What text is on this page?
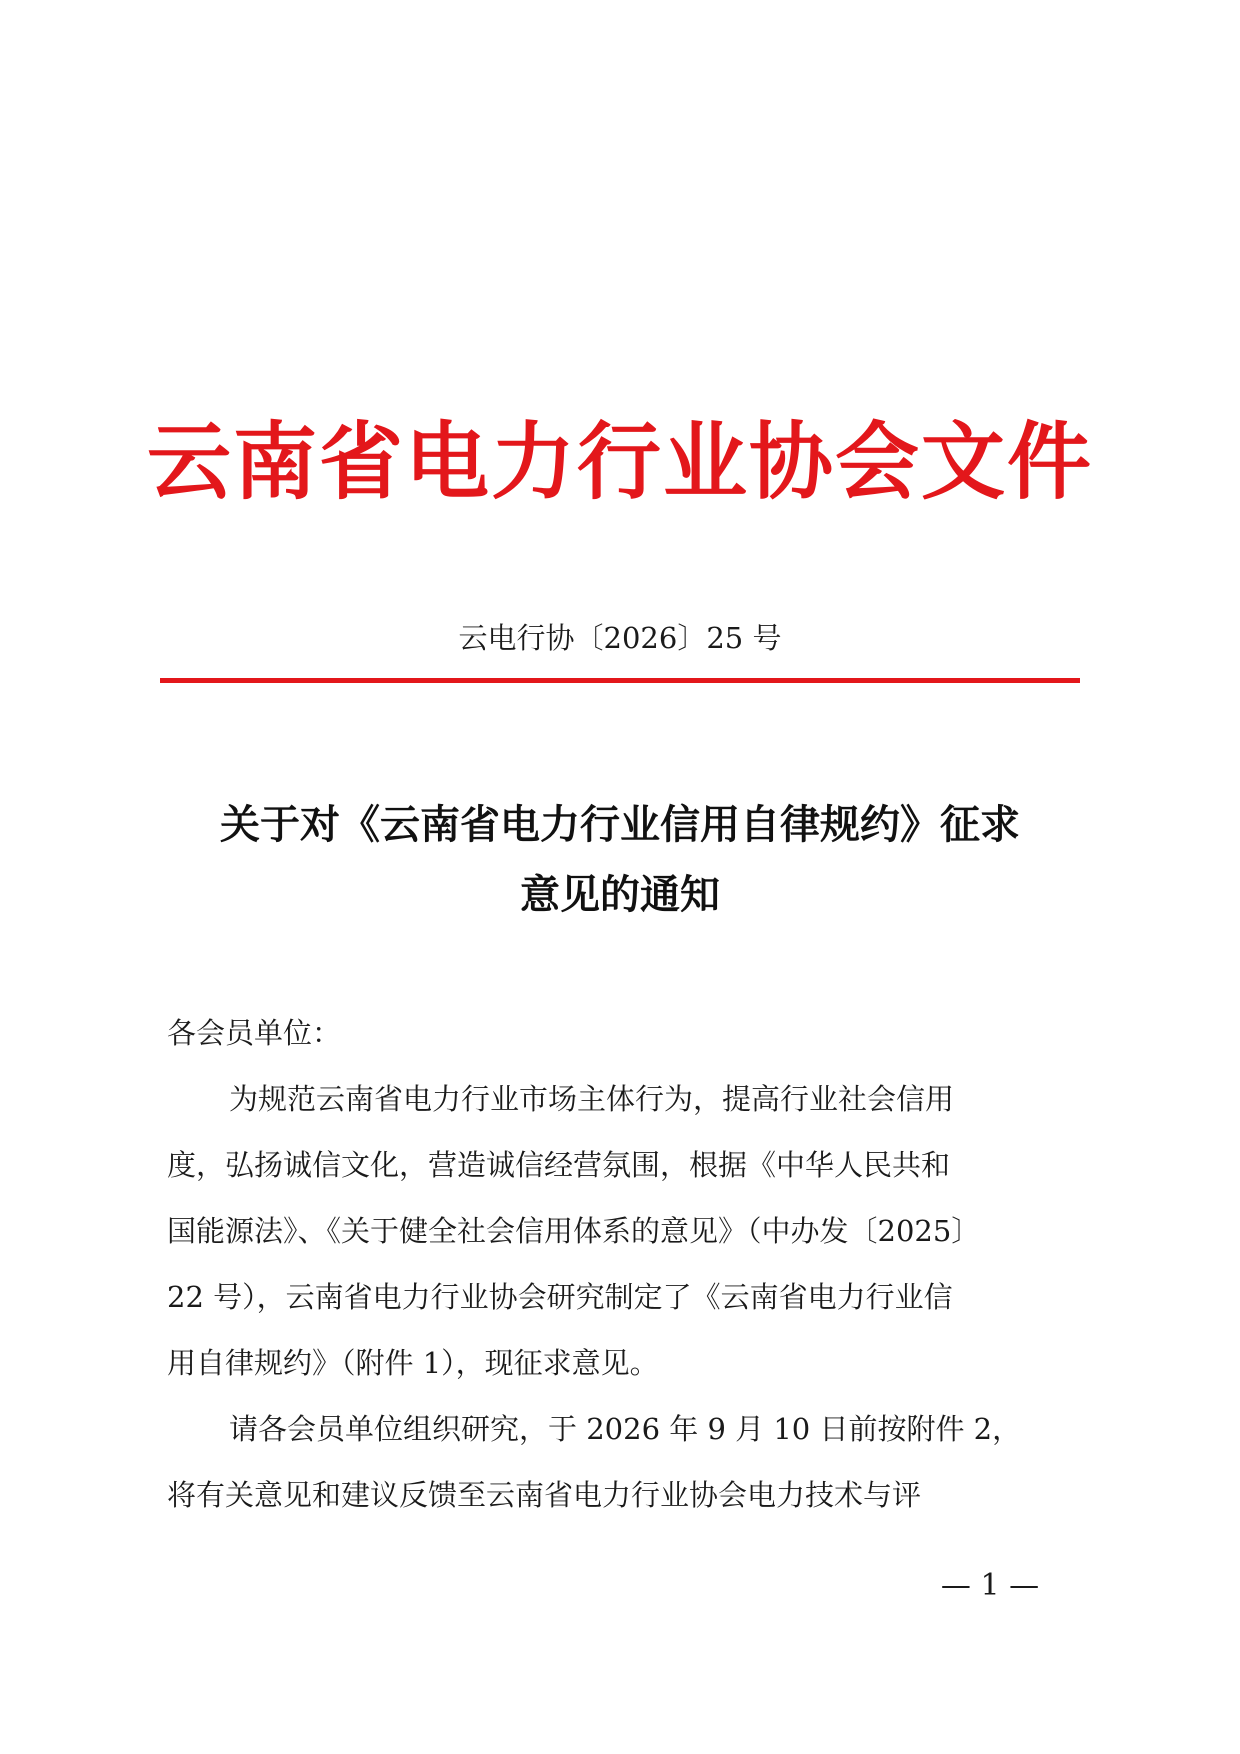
云南省电力行业协会文件
云电行协〔2026〕25 号
关于对《云南省电力行业信用自律规约》征求
意见的通知
各会员单位：
为规范云南省电力行业市场主体行为，提高行业社会信用
度，弘扬诚信文化，营造诚信经营氛围，根据《中华人民共和
国能源法》、《关于健全社会信用体系的意见》（中办发〔2025〕
22 号），云南省电力行业协会研究制定了《云南省电力行业信
用自律规约》（附件 1），现征求意见。
请各会员单位组织研究，于 2026 年 9 月 10 日前按附件 2，
将有关意见和建议反馈至云南省电力行业协会电力技术与评
— 1 —
